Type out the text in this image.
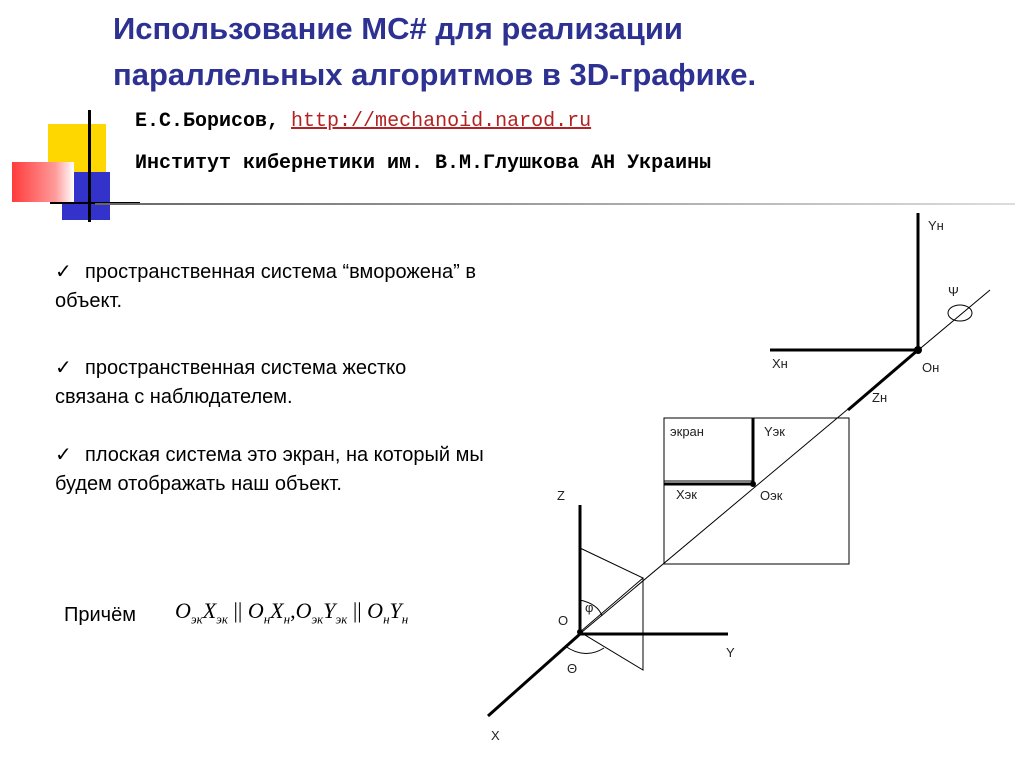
Использование МС# для реализации
параллельных алгоритмов в 3D-графике.
Е.С.Борисов, http://mechanoid.narod.ru
Институт кибернетики им. В.М.Глушкова АН Украины
✓ пространственная система “вморожена” в объект.
✓ пространственная система жестко связана с наблюдателем.
✓ плоская система это экран, на который мы будем отображать наш объект.
Причём $O_{эк}X_{эк}$ || $O_нX_н,O_{эк}Y_{эк}$ || $O_нY_н$
Yн
Ψ
Xн	Oн
Zн
экран	Yэк
Xэк	Oэк
Z
φ
O
Θ
Y
X
